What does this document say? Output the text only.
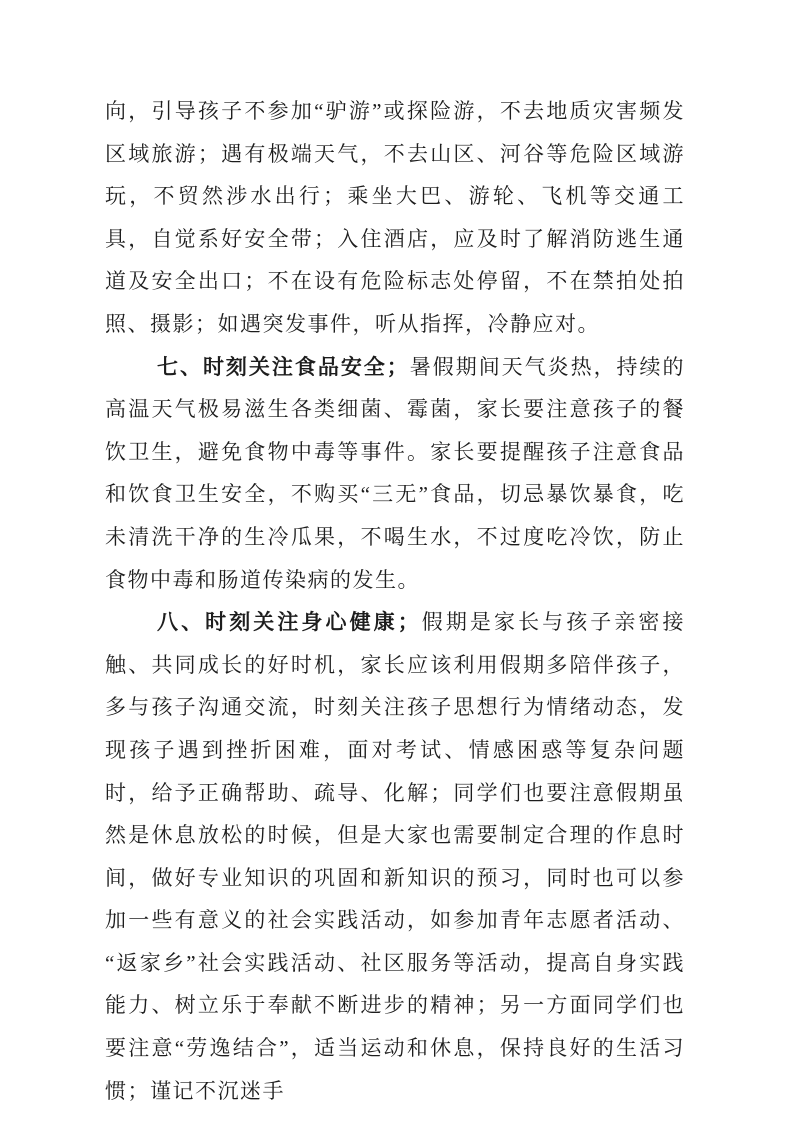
向，引导孩子不参加“驴游”或探险游，不去地质灾害频发区域旅游；遇有极端天气，不去山区、河谷等危险区域游玩，不贸然涉水出行；乘坐大巴、游轮、飞机等交通工具，自觉系好安全带；入住酒店，应及时了解消防逃生通道及安全出口；不在设有危险标志处停留，不在禁拍处拍照、摄影；如遇突发事件，听从指挥，冷静应对。

七、时刻关注食品安全；暑假期间天气炎热，持续的高温天气极易滋生各类细菌、霉菌，家长要注意孩子的餐饮卫生，避免食物中毒等事件。家长要提醒孩子注意食品和饮食卫生安全，不购买“三无”食品，切忌暴饮暴食，吃未清洗干净的生冷瓜果，不喝生水，不过度吃冷饮，防止食物中毒和肠道传染病的发生。

八、时刻关注身心健康；假期是家长与孩子亲密接触、共同成长的好时机，家长应该利用假期多陪伴孩子，多与孩子沟通交流，时刻关注孩子思想行为情绪动态，发现孩子遇到挫折困难，面对考试、情感困惑等复杂问题时，给予正确帮助、疏导、化解；同学们也要注意假期虽然是休息放松的时候，但是大家也需要制定合理的作息时间，做好专业知识的巩固和新知识的预习，同时也可以参加一些有意义的社会实践活动，如参加青年志愿者活动、“返家乡”社会实践活动、社区服务等活动，提高自身实践能力、树立乐于奉献不断进步的精神；另一方面同学们也要注意“劳逸结合”，适当运动和休息，保持良好的生活习惯；谨记不沉迷手
